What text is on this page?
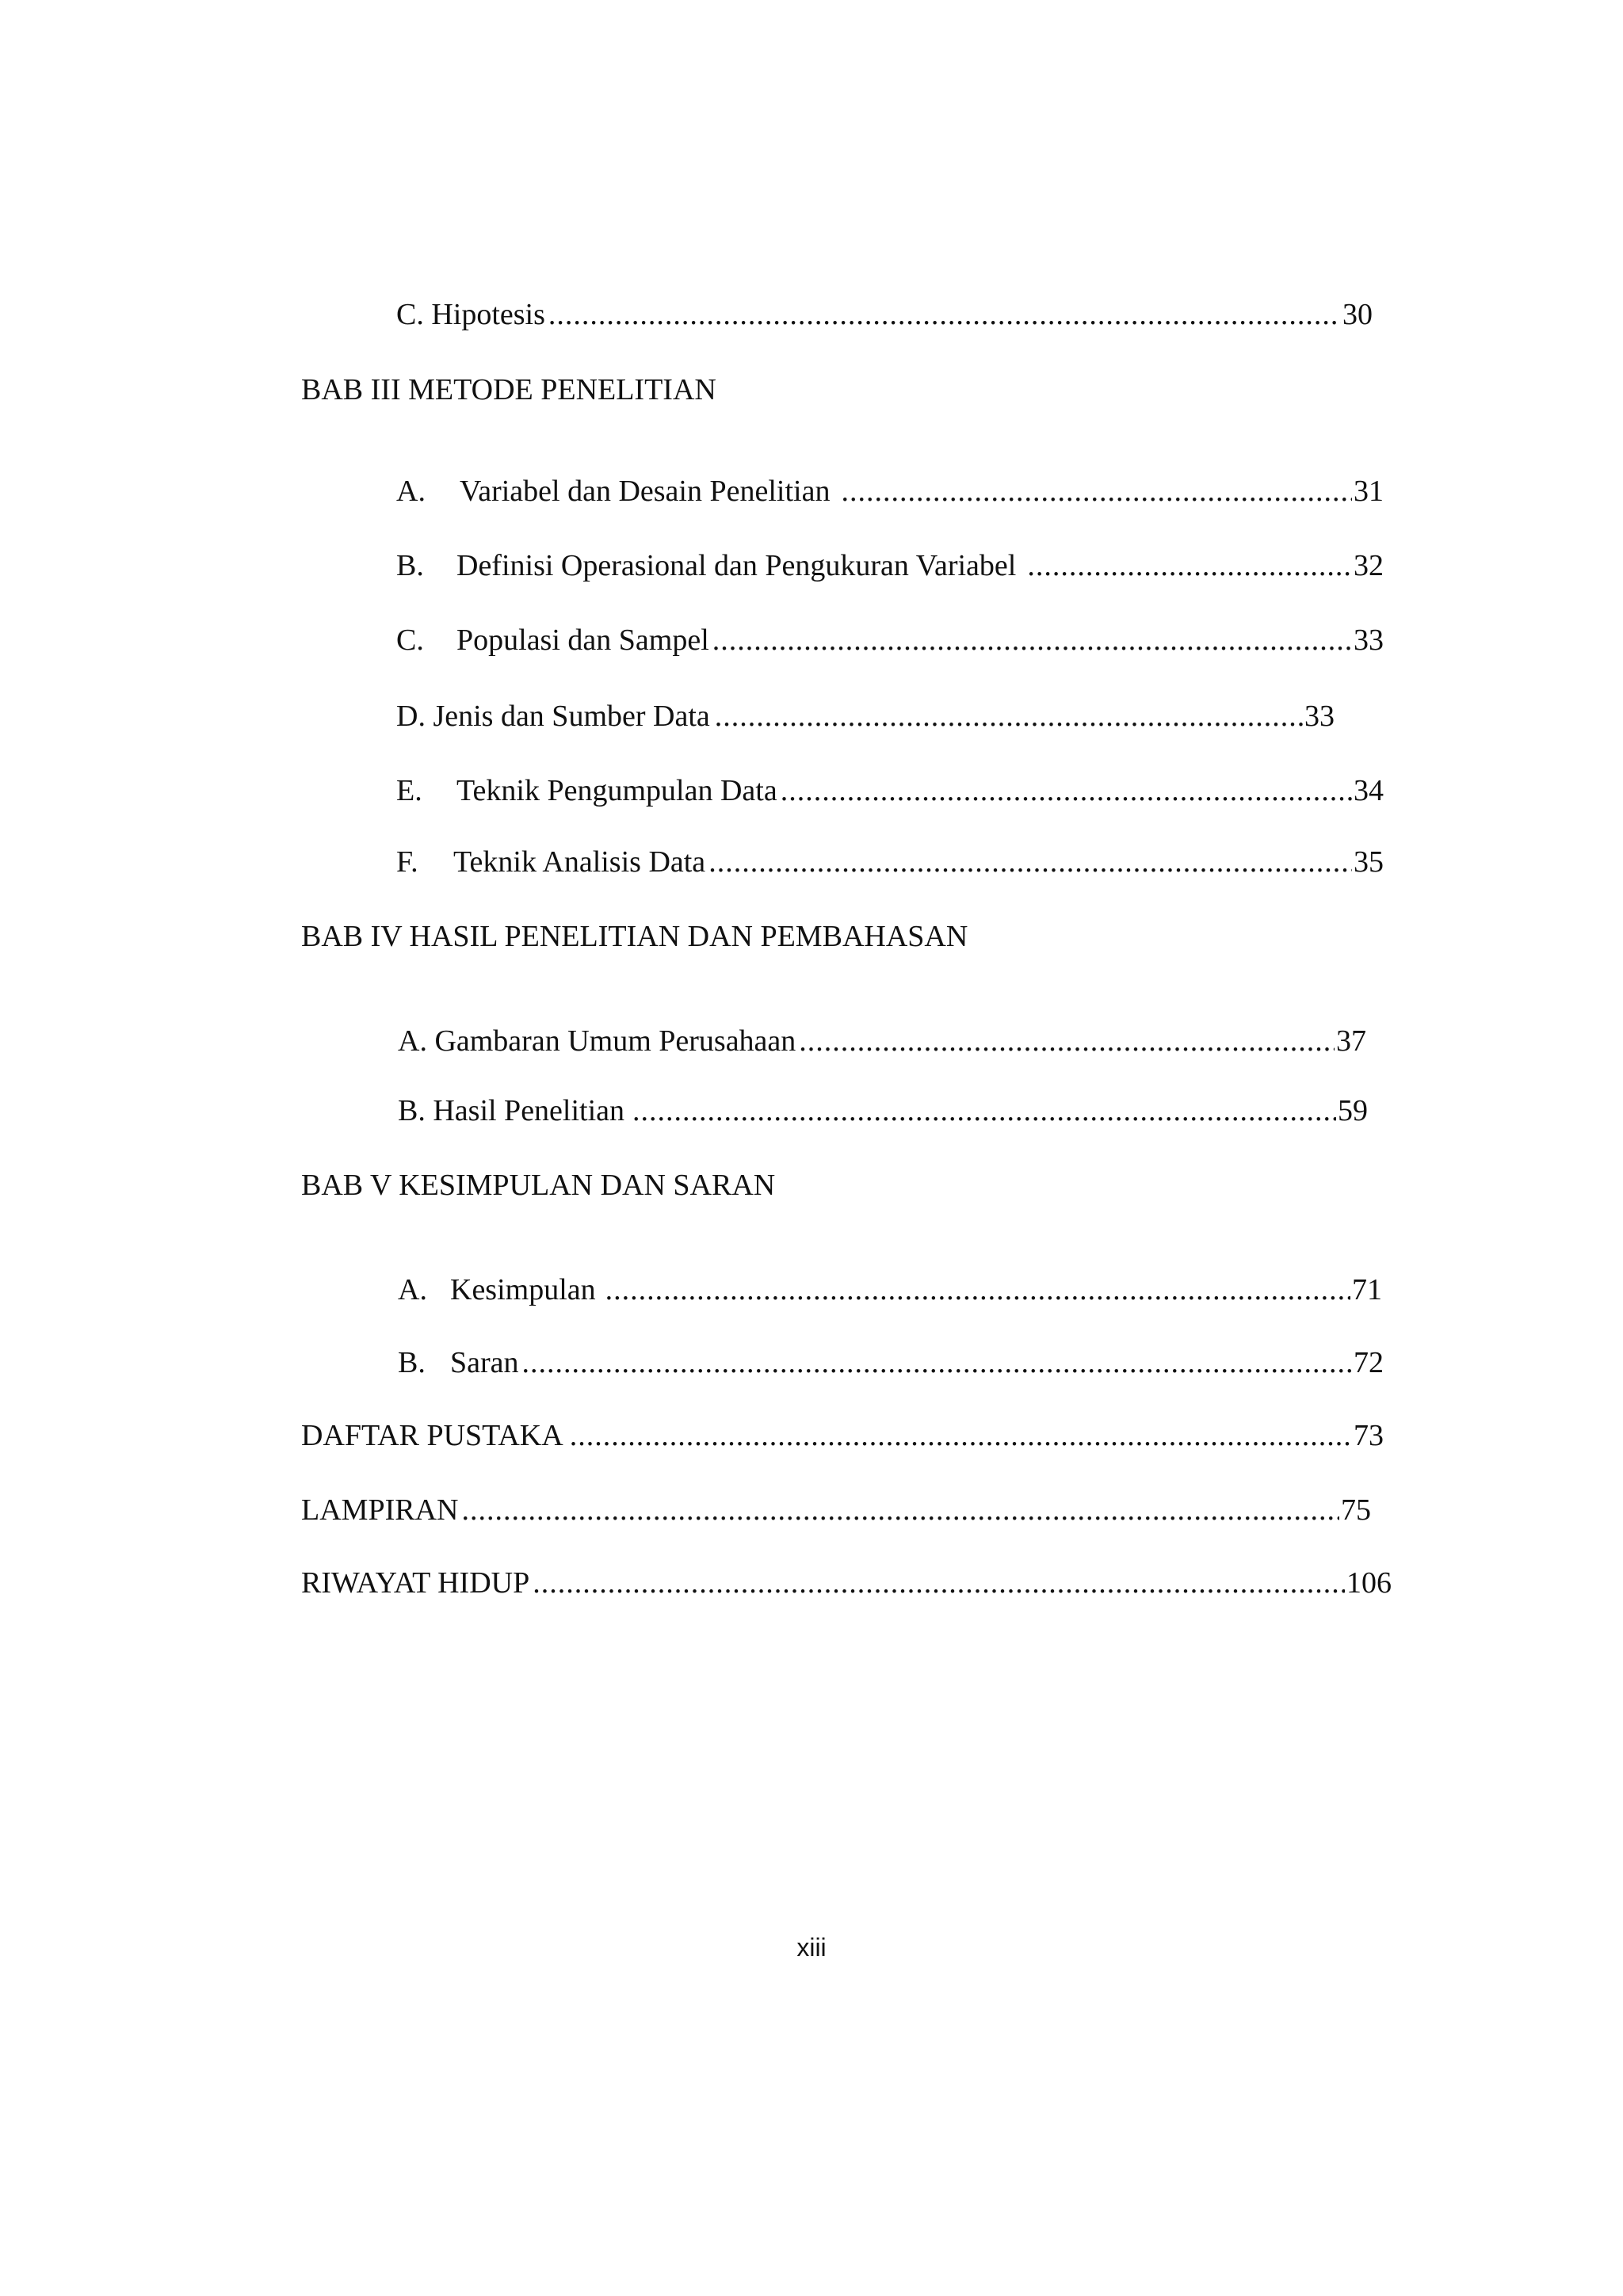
C. Hipotesis .....	30
BAB III METODE PENELITIAN
A. Variabel dan Desain Penelitian .....	31
B. Definisi Operasional dan Pengukuran Variabel .....	32
C. Populasi dan Sampel .....	33
D. Jenis dan Sumber Data .....	33
E. Teknik Pengumpulan Data .....	34
F. Teknik Analisis Data .....	35
BAB IV HASIL PENELITIAN DAN PEMBAHASAN
A. Gambaran Umum Perusahaan .....	37
B. Hasil Penelitian .....	59
BAB V KESIMPULAN DAN SARAN
A. Kesimpulan .....	71
B. Saran .....	72
DAFTAR PUSTAKA .....	73
LAMPIRAN .....	75
RIWAYAT HIDUP .....	106
xiii
